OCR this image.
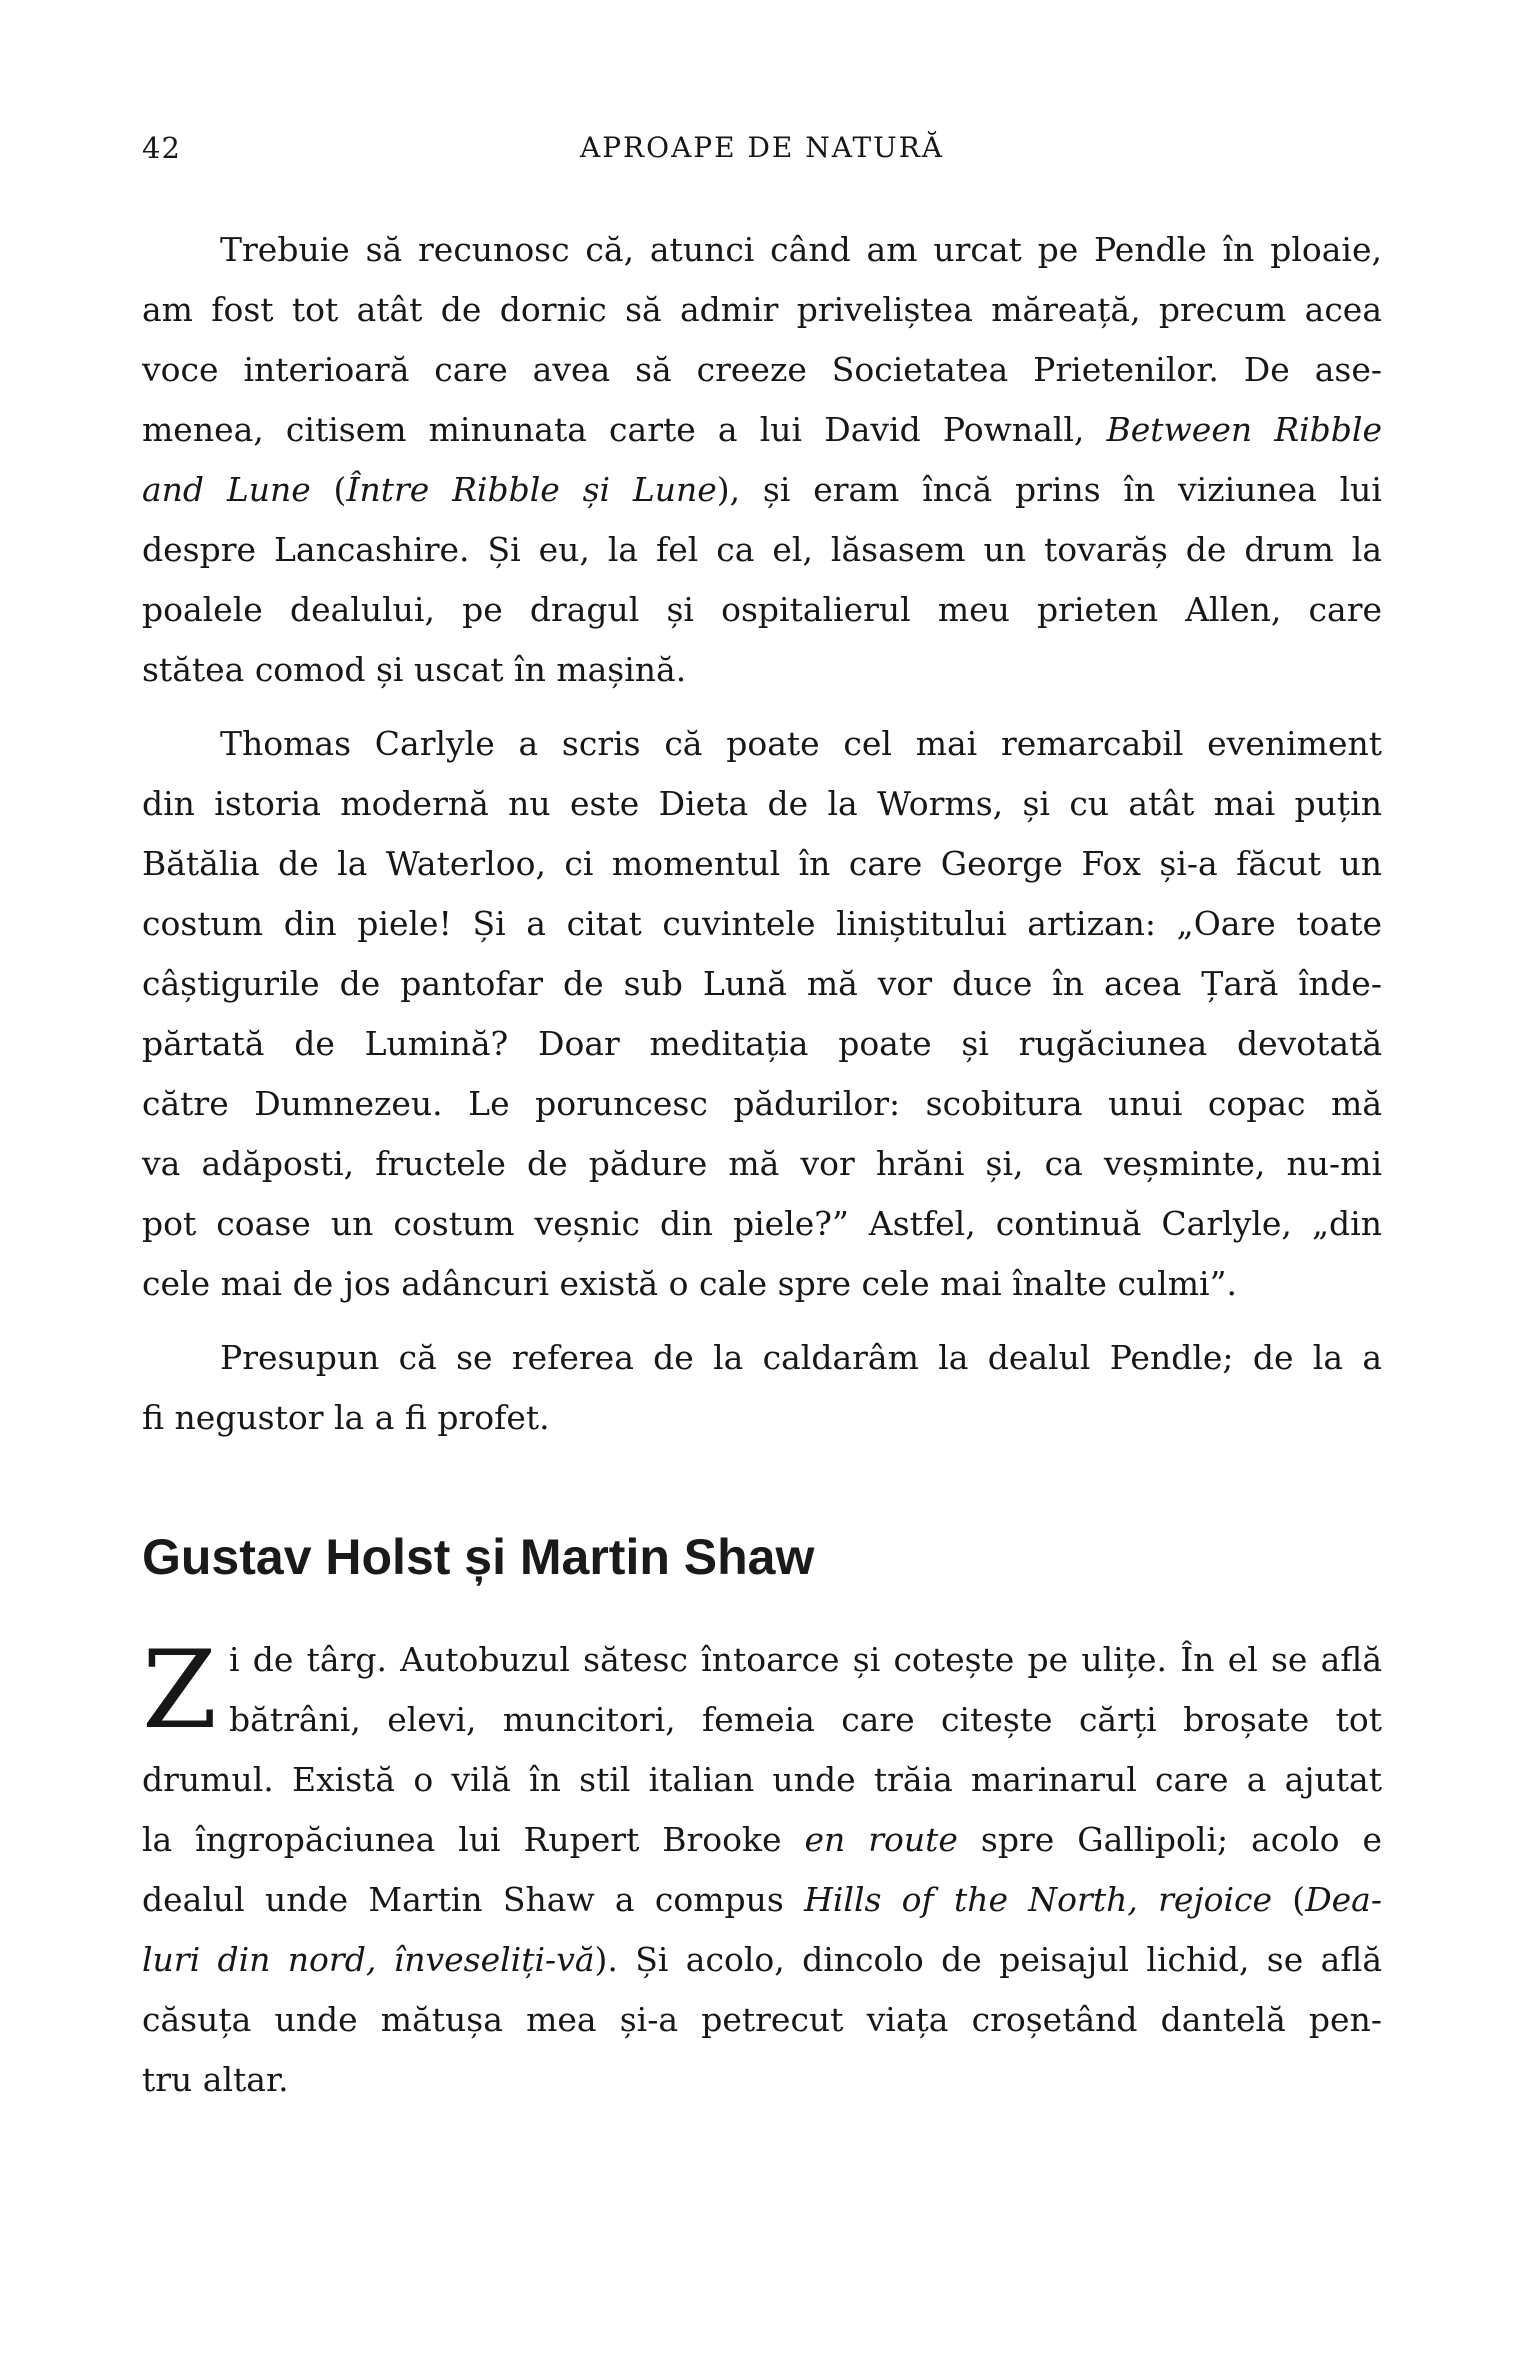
42	APROAPE DE NATURĂ
Trebuie să recunosc că, atunci când am urcat pe Pendle în ploaie,
am fost tot atât de dornic să admir priveliștea măreață, precum acea
voce interioară care avea să creeze Societatea Prietenilor. De ase-
menea, citisem minunata carte a lui David Pownall, Between Ribble
and Lune (Între Ribble și Lune), și eram încă prins în viziunea lui
despre Lancashire. Și eu, la fel ca el, lăsasem un tovarăș de drum la
poalele dealului, pe dragul și ospitalierul meu prieten Allen, care
stătea comod și uscat în mașină.
Thomas Carlyle a scris că poate cel mai remarcabil eveniment
din istoria modernă nu este Dieta de la Worms, și cu atât mai puțin
Bătălia de la Waterloo, ci momentul în care George Fox și-a făcut un
costum din piele! Și a citat cuvintele liniștitului artizan: „Oare toate
câștigurile de pantofar de sub Lună mă vor duce în acea Țară înde-
părtată de Lumină? Doar meditația poate și rugăciunea devotată
către Dumnezeu. Le poruncesc pădurilor: scobitura unui copac mă
va adăposti, fructele de pădure mă vor hrăni și, ca veșminte, nu-mi
pot coase un costum veșnic din piele?” Astfel, continuă Carlyle, „din
cele mai de jos adâncuri există o cale spre cele mai înalte culmi”.
Presupun că se referea de la caldarâm la dealul Pendle; de la a
fi negustor la a fi profet.
Gustav Holst și Martin Shaw
Z i de târg. Autobuzul sătesc întoarce și cotește pe ulițe. În el se află
bătrâni, elevi, muncitori, femeia care citește cărți broșate tot
drumul. Există o vilă în stil italian unde trăia marinarul care a ajutat
la îngropăciunea lui Rupert Brooke en route spre Gallipoli; acolo e
dealul unde Martin Shaw a compus Hills of the North, rejoice (Dea-
luri din nord, înveseliți-vă). Și acolo, dincolo de peisajul lichid, se află
căsuța unde mătușa mea și-a petrecut viața croșetând dantelă pen-
tru altar.
